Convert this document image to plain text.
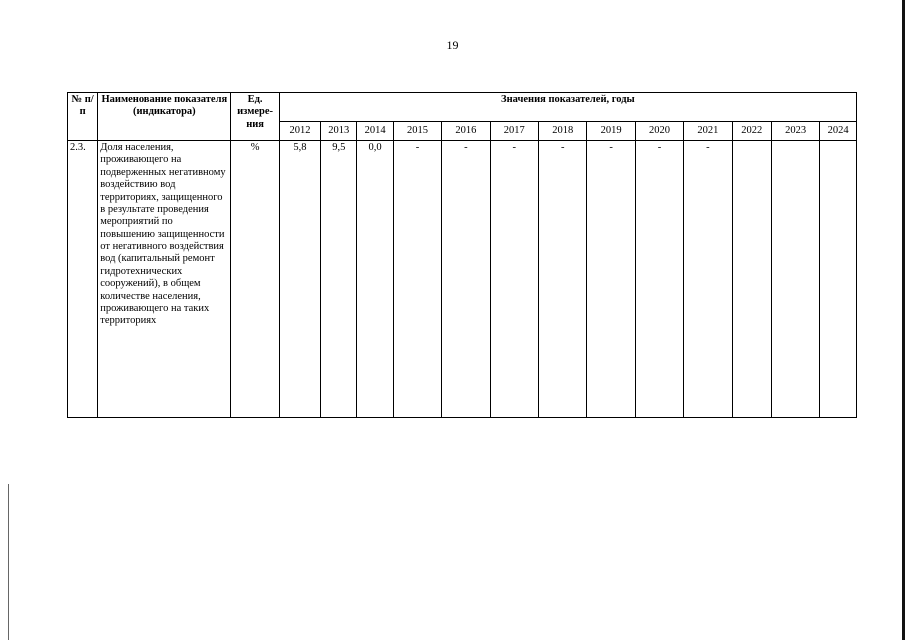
19
№ п/п	Наименование показателя (индикатора)	Ед. измере-ния	Значения показателей, годы												
			2012	2013	2014	2015	2016	2017	2018	2019	2020	2021	2022	2023	2024
2.3.	Доля населения, проживающего на подверженных негативному воздействию вод территориях, защищенного в результате проведения мероприятий по повышению защищенности от негативного воздействия вод (капитальный ремонт гидротехнических сооружений), в общем количестве населения, проживающего на таких территориях	%	5,8	9,5	0,0	-	-	-	-	-	-	-			
